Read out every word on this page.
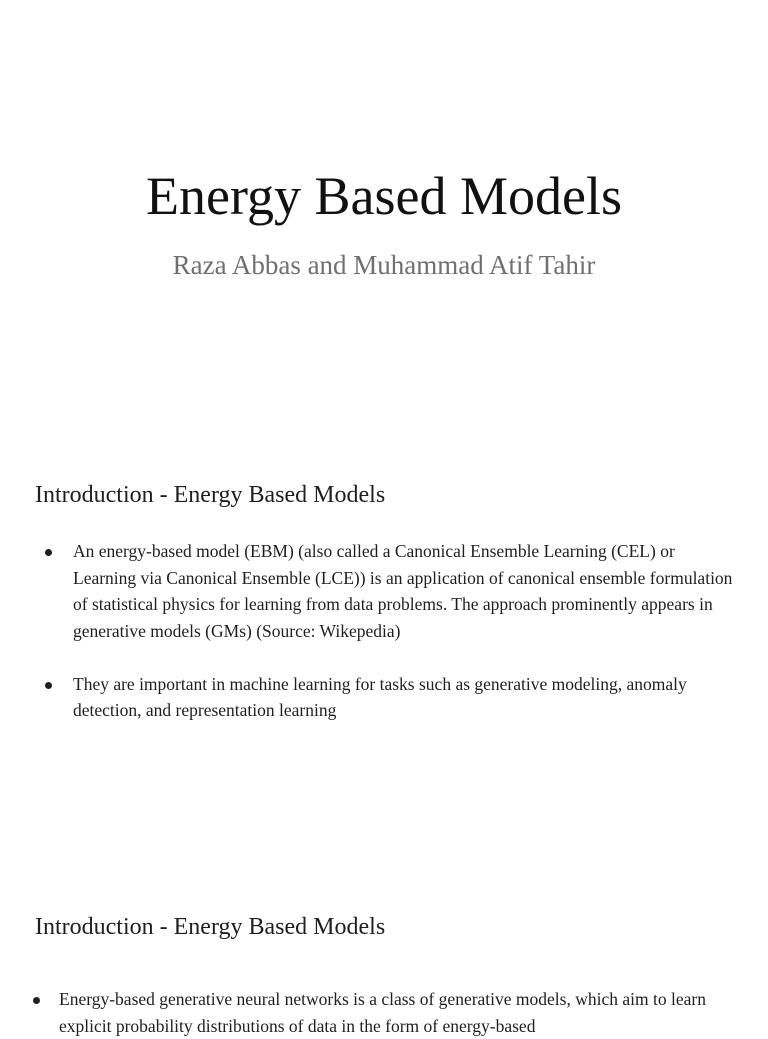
Energy Based Models
Raza Abbas and Muhammad Atif Tahir
Introduction - Energy Based Models
An energy-based model (EBM) (also called a Canonical Ensemble Learning (CEL) or Learning via Canonical Ensemble (LCE)) is an application of canonical ensemble formulation of statistical physics for learning from data problems. The approach prominently appears in generative models (GMs) (Source: Wikepedia)
They are important in machine learning for tasks such as generative modeling, anomaly detection, and representation learning
Introduction - Energy Based Models
Energy-based generative neural networks is a class of generative models, which aim to learn explicit probability distributions of data in the form of energy-based
